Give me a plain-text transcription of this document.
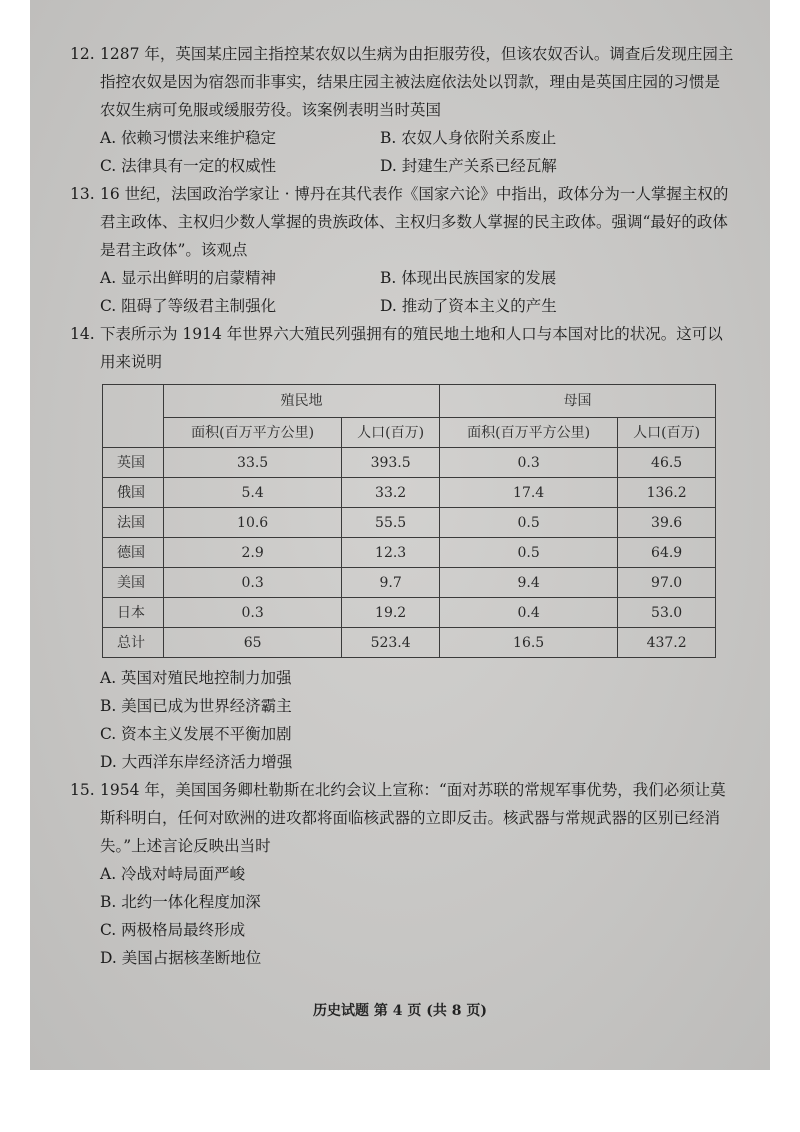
12. 1287 年，英国某庄园主指控某农奴以生病为由拒服劳役，但该农奴否认。调查后发现庄园主指控农奴是因为宿怨而非事实，结果庄园主被法庭依法处以罚款，理由是英国庄园的习惯是农奴生病可免服或缓服劳役。该案例表明当时英国
A. 依赖习惯法来维护稳定	B. 农奴人身依附关系废止
C. 法律具有一定的权威性	D. 封建生产关系已经瓦解
13. 16 世纪，法国政治学家让 · 博丹在其代表作《国家六论》中指出，政体分为一人掌握主权的君主政体、主权归少数人掌握的贵族政体、主权归多数人掌握的民主政体。强调“最好的政体是君主政体”。该观点
A. 显示出鲜明的启蒙精神	B. 体现出民族国家的发展
C. 阻碍了等级君主制强化	D. 推动了资本主义的产生
14. 下表所示为 1914 年世界六大殖民列强拥有的殖民地土地和人口与本国对比的状况。这可以用来说明
	殖民地		母国	
	面积(百万平方公里)	人口(百万)	面积(百万平方公里)	人口(百万)
英国	33.5	393.5	0.3	46.5
俄国	5.4	33.2	17.4	136.2
法国	10.6	55.5	0.5	39.6
德国	2.9	12.3	0.5	64.9
美国	0.3	9.7	9.4	97.0
日本	0.3	19.2	0.4	53.0
总计	65	523.4	16.5	437.2
A. 英国对殖民地控制力加强
B. 美国已成为世界经济霸主
C. 资本主义发展不平衡加剧
D. 大西洋东岸经济活力增强
15. 1954 年，美国国务卿杜勒斯在北约会议上宣称：“面对苏联的常规军事优势，我们必须让莫斯科明白，任何对欧洲的进攻都将面临核武器的立即反击。核武器与常规武器的区别已经消失。”上述言论反映出当时
A. 冷战对峙局面严峻
B. 北约一体化程度加深
C. 两极格局最终形成
D. 美国占据核垄断地位
历史试题 第 4 页 (共 8 页)
